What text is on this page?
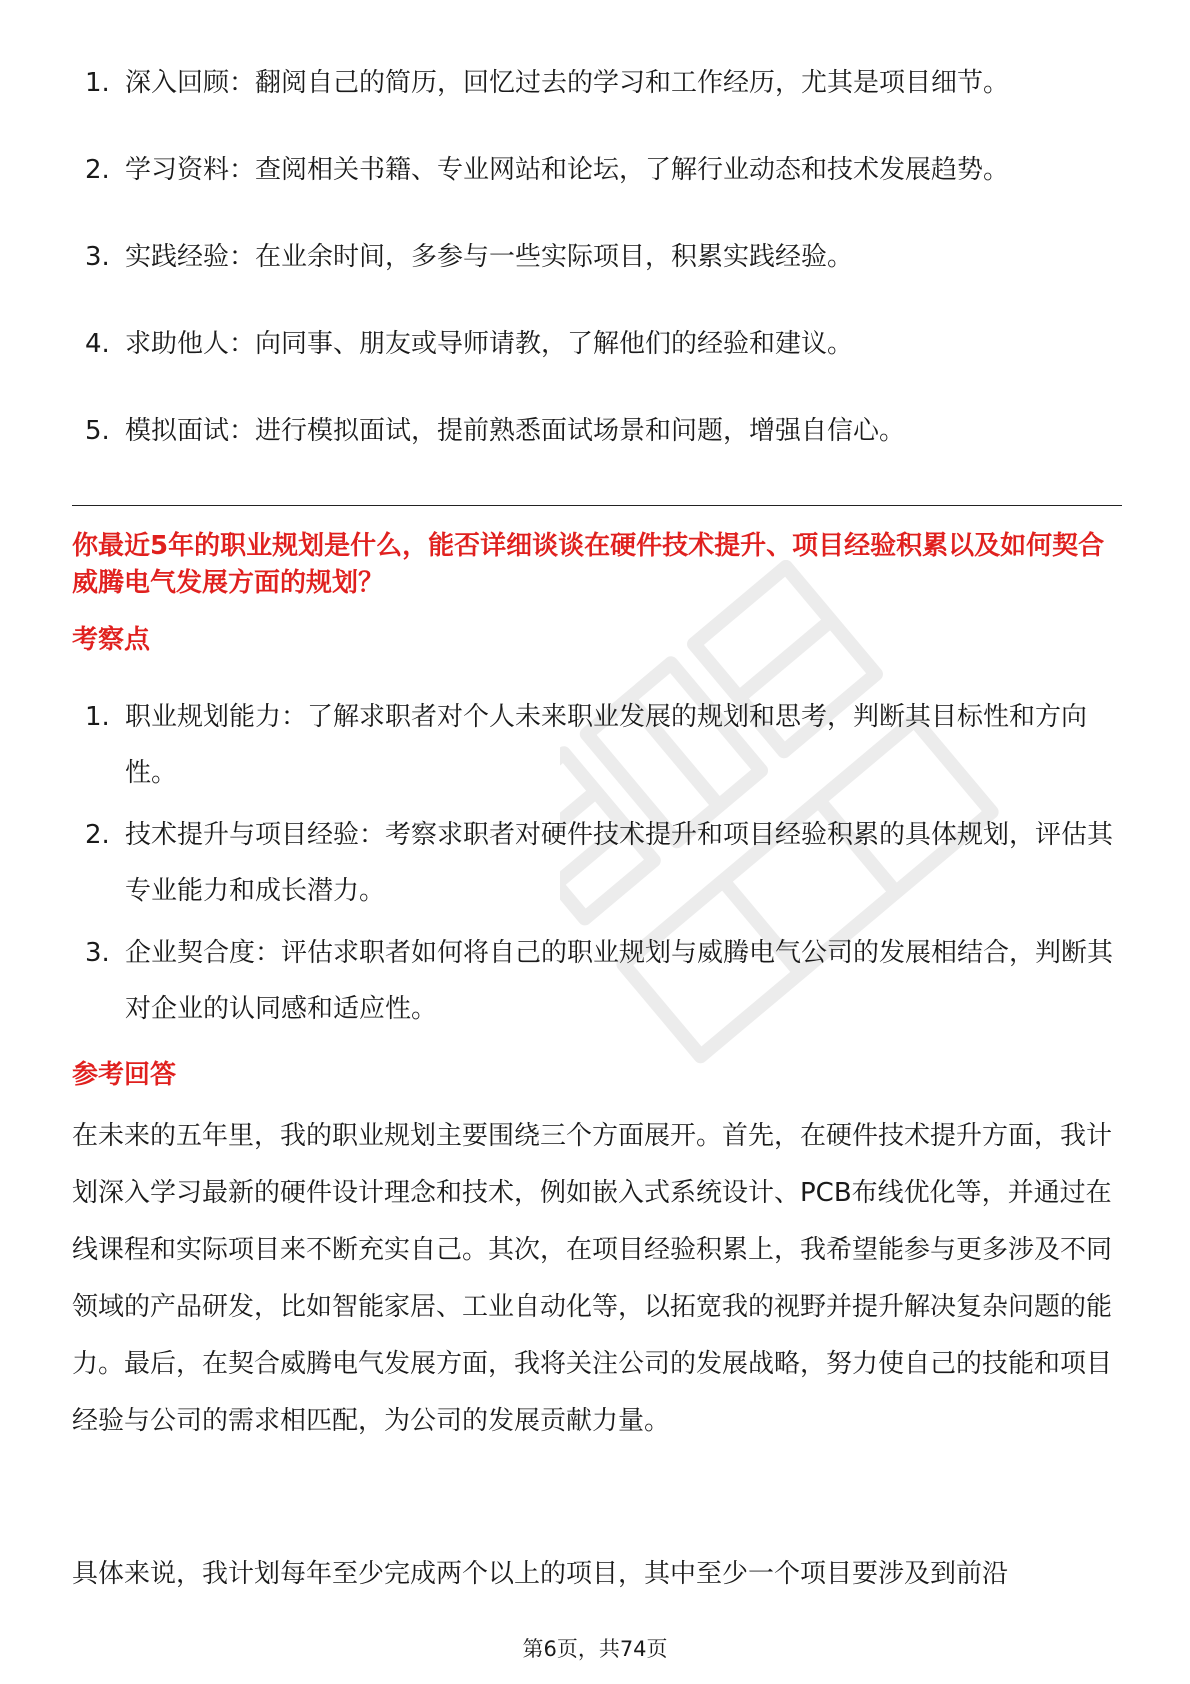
1. 深入回顾：翻阅自己的简历，回忆过去的学习和工作经历，尤其是项目细节。
2. 学习资料：查阅相关书籍、专业网站和论坛，了解行业动态和技术发展趋势。
3. 实践经验：在业余时间，多参与一些实际项目，积累实践经验。
4. 求助他人：向同事、朋友或导师请教，了解他们的经验和建议。
5. 模拟面试：进行模拟面试，提前熟悉面试场景和问题，增强自信心。
你最近5年的职业规划是什么，能否详细谈谈在硬件技术提升、项目经验积累以及如何契合威腾电气发展方面的规划？
考察点
1. 职业规划能力：了解求职者对个人未来职业发展的规划和思考，判断其目标性和方向性。
2. 技术提升与项目经验：考察求职者对硬件技术提升和项目经验积累的具体规划，评估其专业能力和成长潜力。
3. 企业契合度：评估求职者如何将自己的职业规划与威腾电气公司的发展相结合，判断其对企业的认同感和适应性。
参考回答

在未来的五年里，我的职业规划主要围绕三个方面展开。首先，在硬件技术提升方面，我计划深入学习最新的硬件设计理念和技术，例如嵌入式系统设计、PCB布线优化等，并通过在线课程和实际项目来不断充实自己。其次，在项目经验积累上，我希望能参与更多涉及不同领域的产品研发，比如智能家居、工业自动化等，以拓宽我的视野并提升解决复杂问题的能力。最后，在契合威腾电气发展方面，我将关注公司的发展战略，努力使自己的技能和项目经验与公司的需求相匹配，为公司的发展贡献力量。

具体来说，我计划每年至少完成两个以上的项目，其中至少一个项目要涉及到前沿

第6页，共74页
